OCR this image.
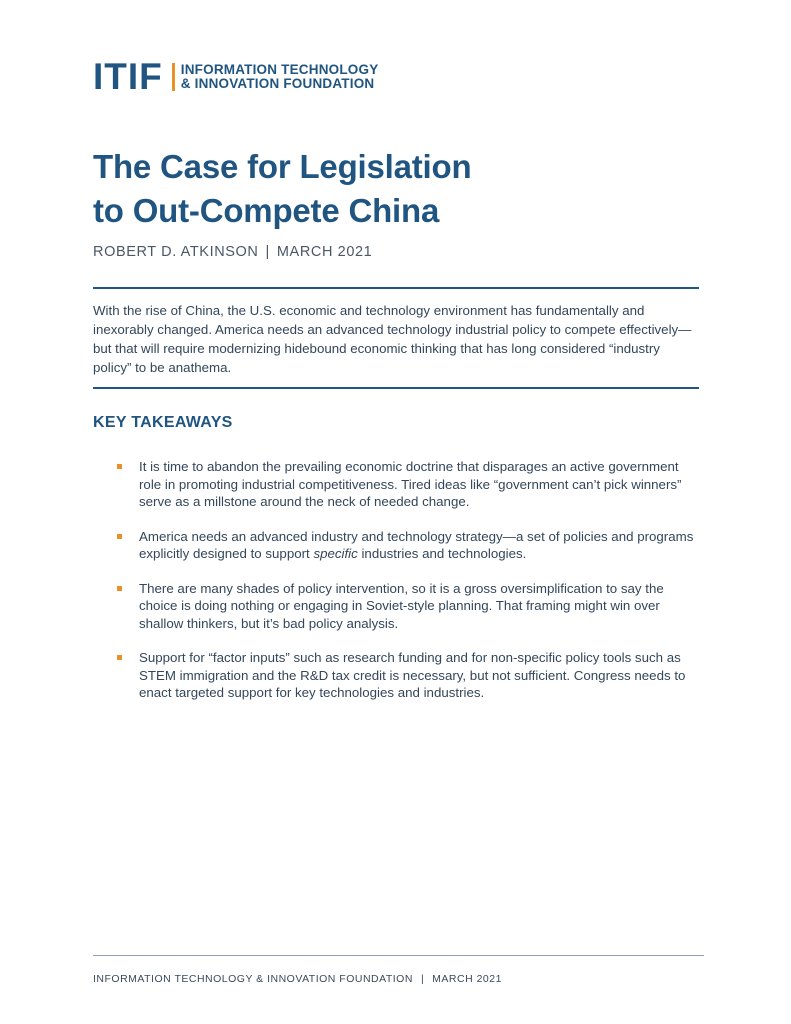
ITIF INFORMATION TECHNOLOGY
& INNOVATION FOUNDATION
The Case for Legislation
to Out-Compete China
ROBERT D. ATKINSON | MARCH 2021

With the rise of China, the U.S. economic and technology environment has fundamentally and inexorably changed. America needs an advanced technology industrial policy to compete effectively—but that will require modernizing hidebound economic thinking that has long considered “industry policy” to be anathema.

KEY TAKEAWAYS
It is time to abandon the prevailing economic doctrine that disparages an active government role in promoting industrial competitiveness. Tired ideas like “government can’t pick winners” serve as a millstone around the neck of needed change.
America needs an advanced industry and technology strategy—a set of policies and programs explicitly designed to support specific industries and technologies.
There are many shades of policy intervention, so it is a gross oversimplification to say the choice is doing nothing or engaging in Soviet-style planning. That framing might win over shallow thinkers, but it’s bad policy analysis.
Support for “factor inputs” such as research funding and for non-specific policy tools such as STEM immigration and the R&D tax credit is necessary, but not sufficient. Congress needs to enact targeted support for key technologies and industries.
INFORMATION TECHNOLOGY & INNOVATION FOUNDATION | MARCH 2021
